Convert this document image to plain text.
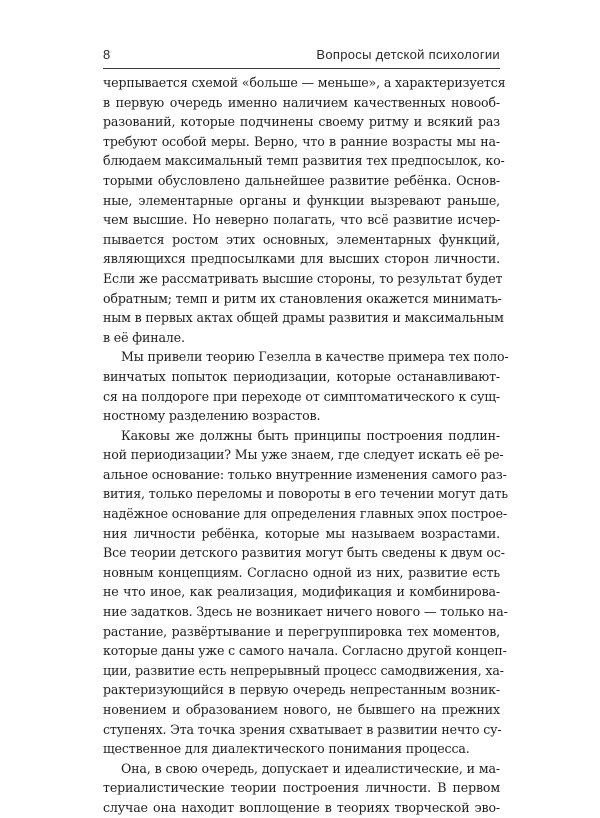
8	Вопросы детской психологии
черпывается схемой «больше — меньше», а характеризуется
в первую очередь именно наличием качественных новооб-
разований, которые подчинены своему ритму и всякий раз
требуют особой меры. Верно, что в ранние возрасты мы на-
блюдаем максимальный темп развития тех предпосылок, ко-
торыми обусловлено дальнейшее развитие ребёнка. Основ-
ные, элементарные органы и функции вызревают раньше,
чем высшие. Но неверно полагать, что всё развитие исчер-
пывается ростом этих основных, элементарных функций,
являющихся предпосылками для высших сторон личности.
Если же рассматривать высшие стороны, то результат будет
обратным; темп и ритм их становления окажется минимать-
ным в первых актах общей драмы развития и максимальным
в её финале.
Мы привели теорию Гезелла в качестве примера тех поло-
винчатых попыток периодизации, которые останавливают-
ся на полдороге при переходе от симптоматического к сущ-
ностному разделению возрастов.
Каковы же должны быть принципы построения подлин-
ной периодизации? Мы уже знаем, где следует искать её ре-
альное основание: только внутренние изменения самого раз-
вития, только переломы и повороты в его течении могут дать
надёжное основание для определения главных эпох построе-
ния личности ребёнка, которые мы называем возрастами.
Все теории детского развития могут быть сведены к двум ос-
новным концепциям. Согласно одной из них, развитие есть
не что иное, как реализация, модификация и комбинирова-
ние задатков. Здесь не возникает ничего нового — только на-
растание, развёртывание и перегруппировка тех моментов,
которые даны уже с самого начала. Согласно другой концеп-
ции, развитие есть непрерывный процесс самодвижения, ха-
рактеризующийся в первую очередь непрестанным возник-
новением и образованием нового, не бывшего на прежних
ступенях. Эта точка зрения схватывает в развитии нечто су-
щественное для диалектического понимания процесса.
Она, в свою очередь, допускает и идеалистические, и ма-
териалистические теории построения личности. В первом
случае она находит воплощение в теориях творческой эво-
